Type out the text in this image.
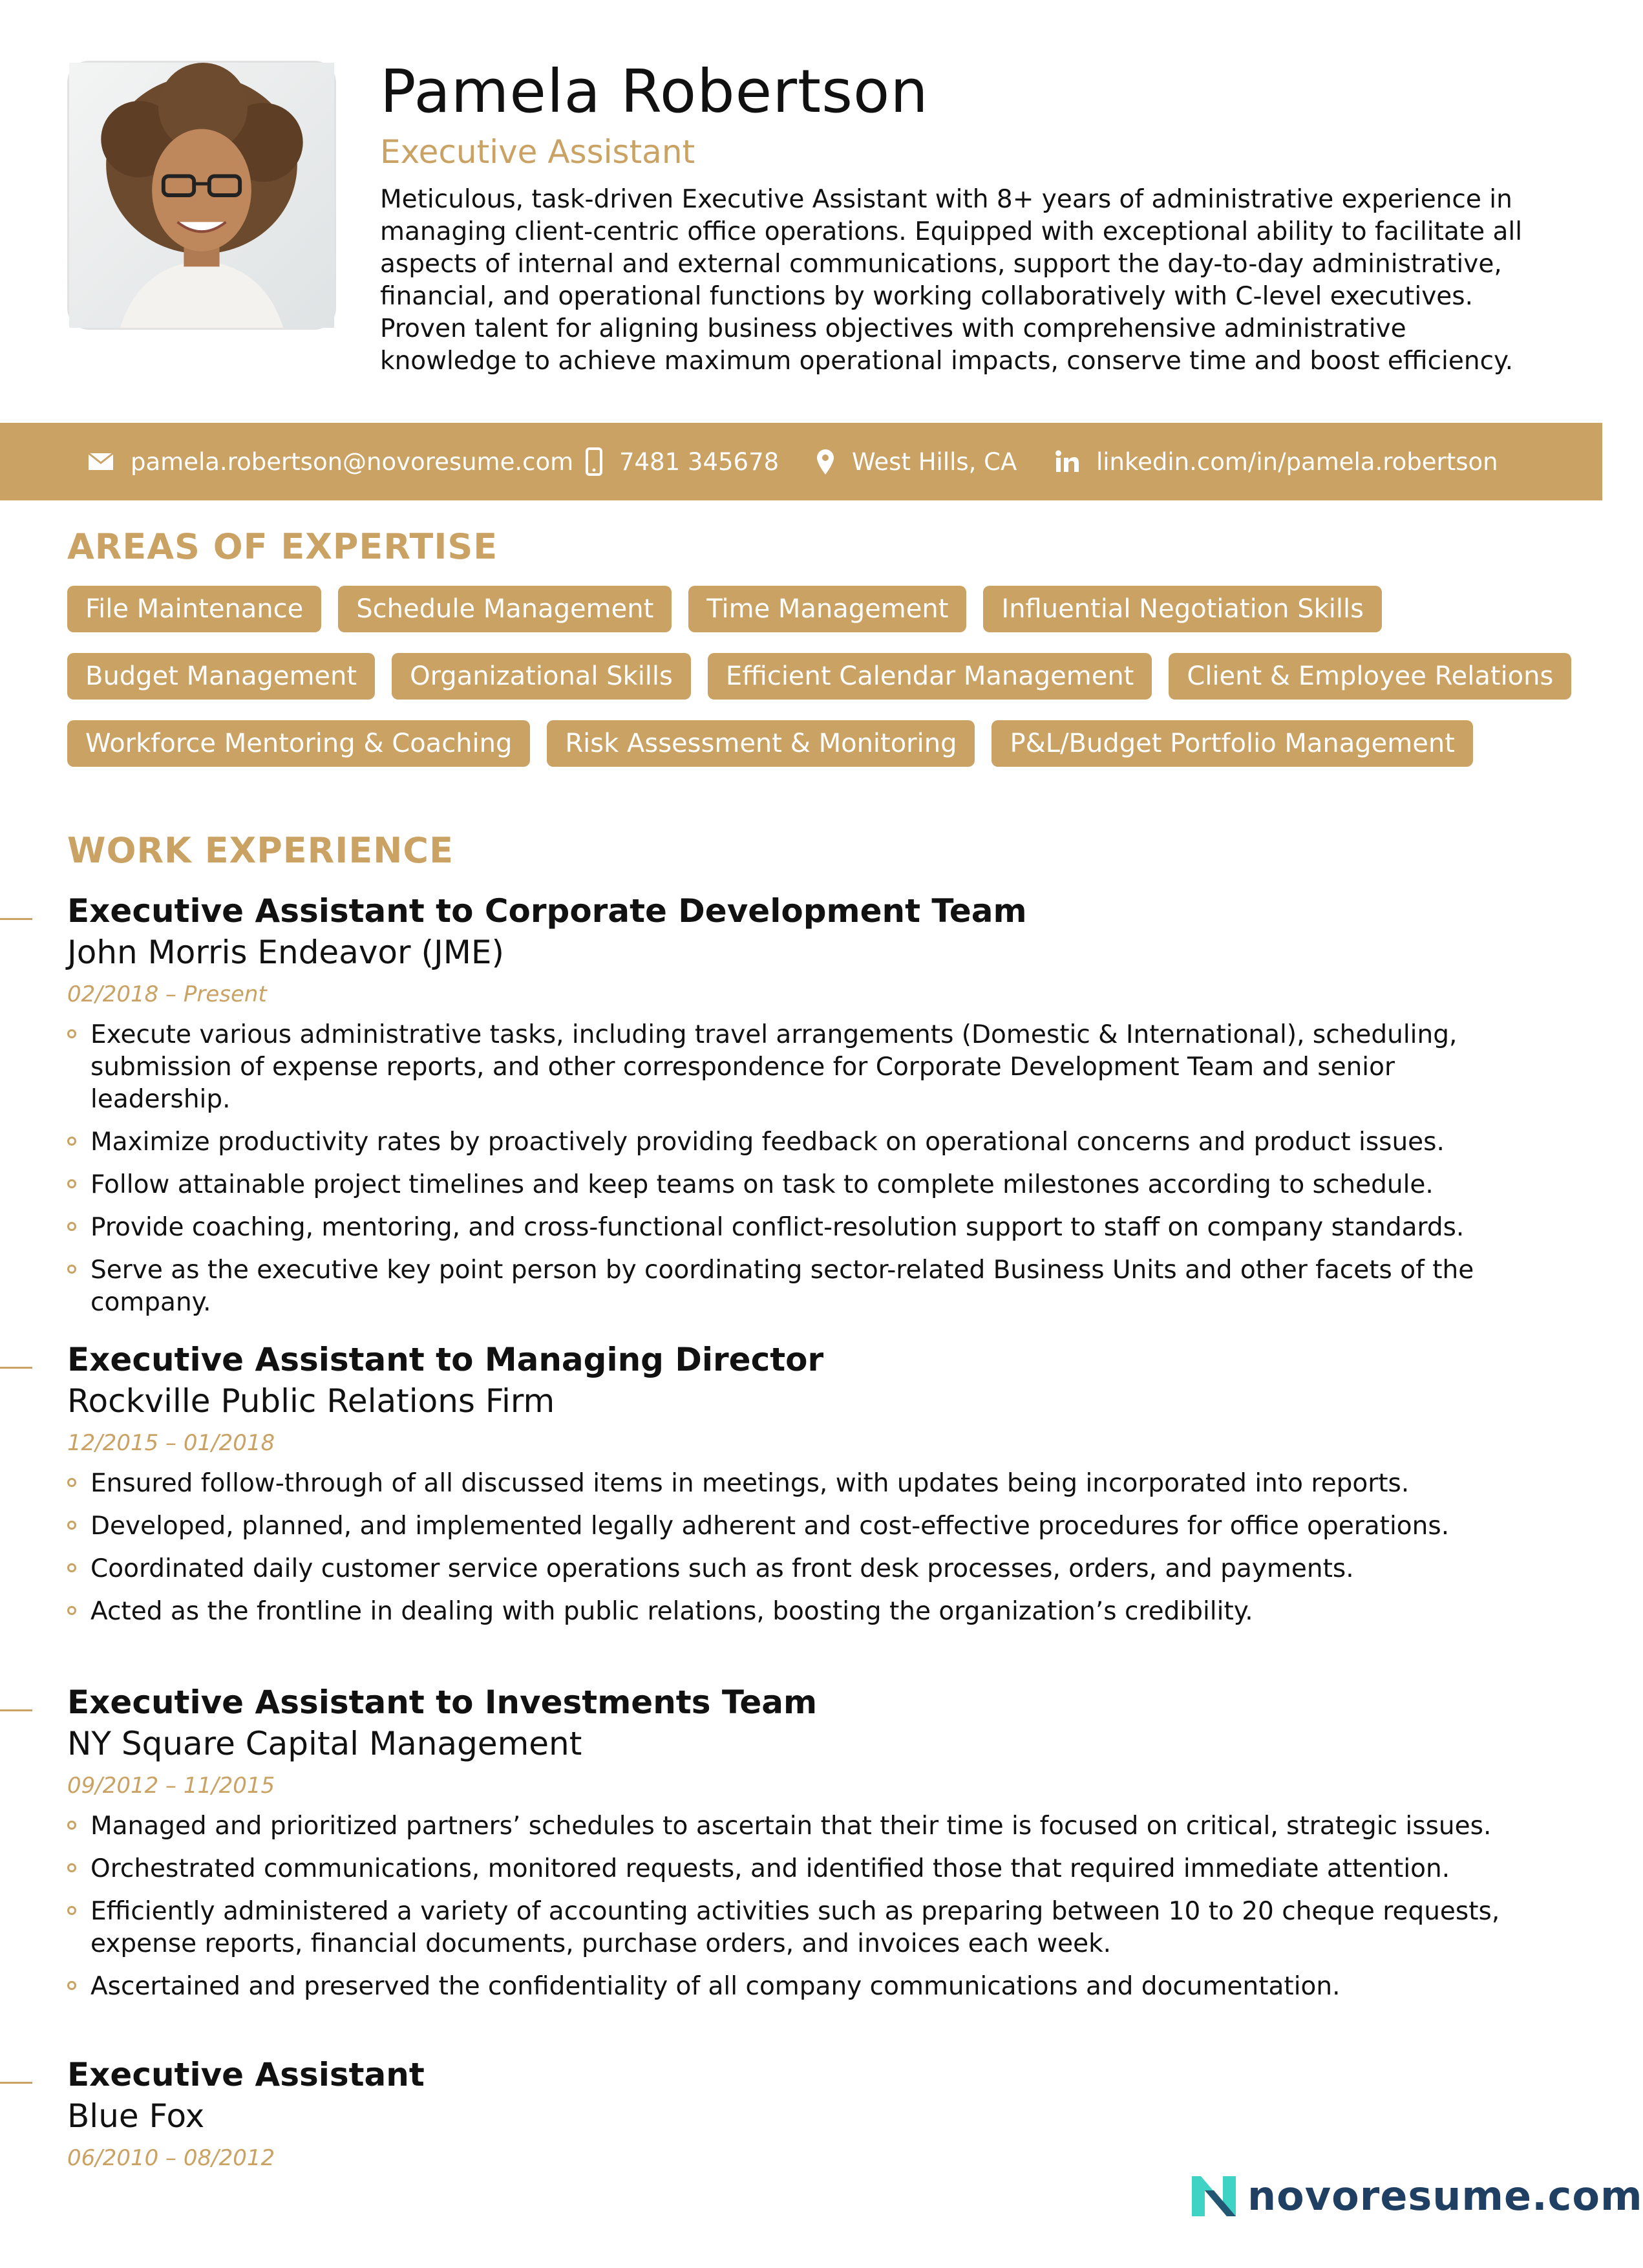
Pamela Robertson
Executive Assistant
Meticulous, task-driven Executive Assistant with 8+ years of administrative experience in managing client-centric office operations. Equipped with exceptional ability to facilitate all aspects of internal and external communications, support the day-to-day administrative, financial, and operational functions by working collaboratively with C-level executives. Proven talent for aligning business objectives with comprehensive administrative knowledge to achieve maximum operational impacts, conserve time and boost efficiency.
pamela.robertson@novoresume.com 7481 345678	West Hills, CA	linkedin.com/in/pamela.robertson
AREAS OF EXPERTISE
File Maintenance	Schedule Management	Time Management	Influential Negotiation Skills
Budget Management	Organizational Skills	Efficient Calendar Management	Client & Employee Relations
Workforce Mentoring & Coaching	Risk Assessment & Monitoring	P&L/Budget Portfolio Management
WORK EXPERIENCE
Executive Assistant to Corporate Development Team
John Morris Endeavor (JME)
02/2018 – Present
Execute various administrative tasks, including travel arrangements (Domestic & International), scheduling, submission of expense reports, and other correspondence for Corporate Development Team and senior leadership.
Maximize productivity rates by proactively providing feedback on operational concerns and product issues.
Follow attainable project timelines and keep teams on task to complete milestones according to schedule.
Provide coaching, mentoring, and cross-functional conflict-resolution support to staff on company standards.
Serve as the executive key point person by coordinating sector-related Business Units and other facets of the company.
Executive Assistant to Managing Director
Rockville Public Relations Firm
12/2015 – 01/2018
Ensured follow-through of all discussed items in meetings, with updates being incorporated into reports.
Developed, planned, and implemented legally adherent and cost-effective procedures for office operations.
Coordinated daily customer service operations such as front desk processes, orders, and payments.
Acted as the frontline in dealing with public relations, boosting the organization’s credibility.
Executive Assistant to Investments Team
NY Square Capital Management
09/2012 – 11/2015
Managed and prioritized partners’ schedules to ascertain that their time is focused on critical, strategic issues.
Orchestrated communications, monitored requests, and identified those that required immediate attention.
Efficiently administered a variety of accounting activities such as preparing between 10 to 20 cheque requests, expense reports, financial documents, purchase orders, and invoices each week.
Ascertained and preserved the confidentiality of all company communications and documentation.
Executive Assistant
Blue Fox
06/2010 – 08/2012
novoresume.com
